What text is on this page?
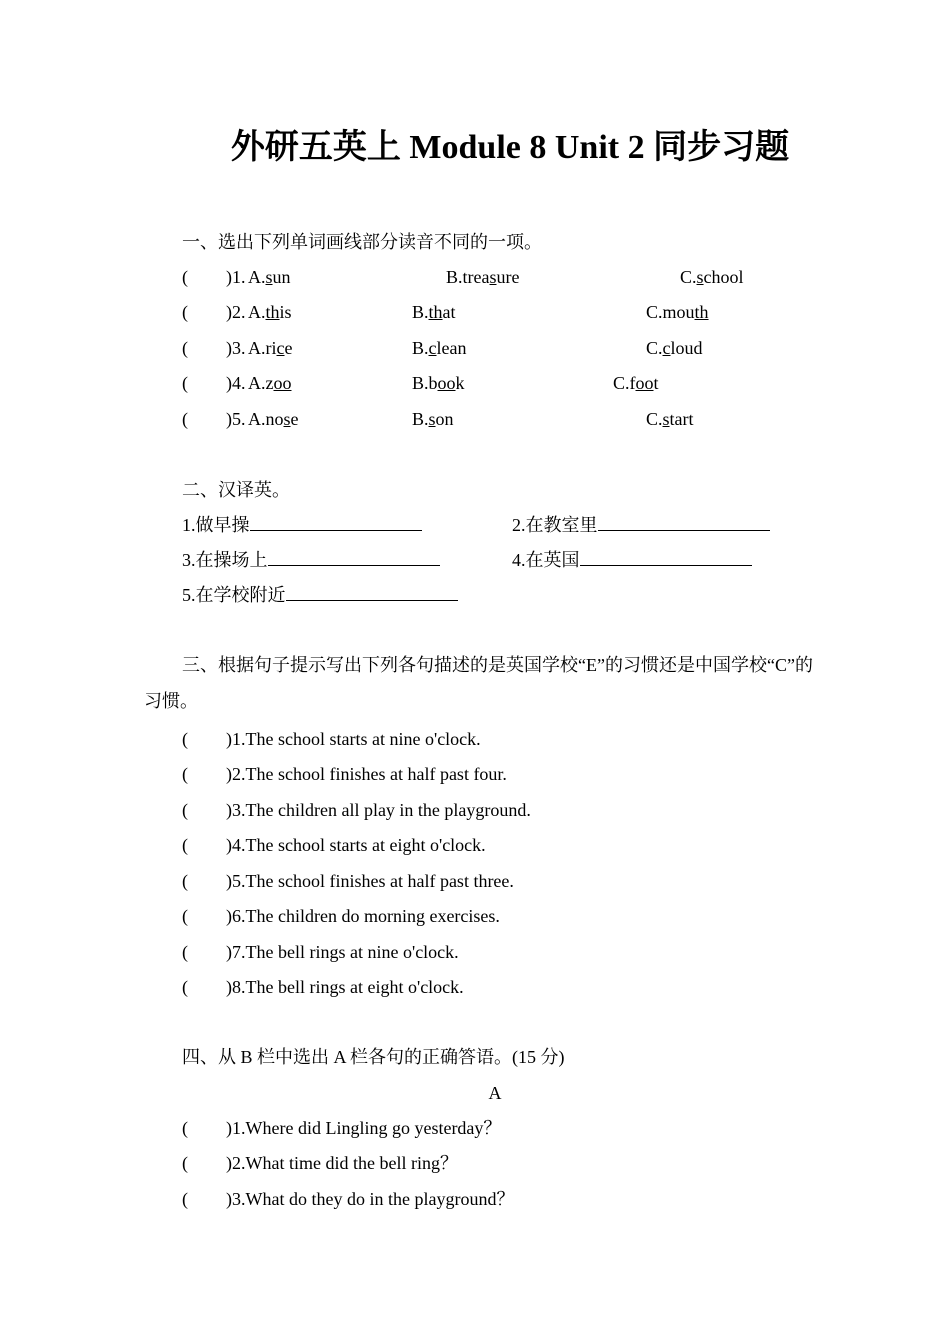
外研五英上 Module 8 Unit 2 同步习题
一、选出下列单词画线部分读音不同的一项。
( )1. A.sun	B.treasure	C.school
( )2. A.this	B.that	C.mouth
( )3. A.rice	B.clean	C.cloud
( )4. A.zoo	B.book	C.foot
( )5. A.nose	B.son	C.start
二、汉译英。
1.做早操	2.在教室里
3.在操场上	4.在英国
5.在学校附近
三、根据句子提示写出下列各句描述的是英国学校“E”的习惯还是中国学校“C”的习惯。
( )1.The school starts at nine o'clock.
( )2.The school finishes at half past four.
( )3.The children all play in the playground.
( )4.The school starts at eight o'clock.
( )5.The school finishes at half past three.
( )6.The children do morning exercises.
( )7.The bell rings at nine o'clock.
( )8.The bell rings at eight o'clock.
四、从 B 栏中选出 A 栏各句的正确答语。(15 分)
A
( )1.Where did Lingling go yesterday？
( )2.What time did the bell ring？
( )3.What do they do in the playground？
